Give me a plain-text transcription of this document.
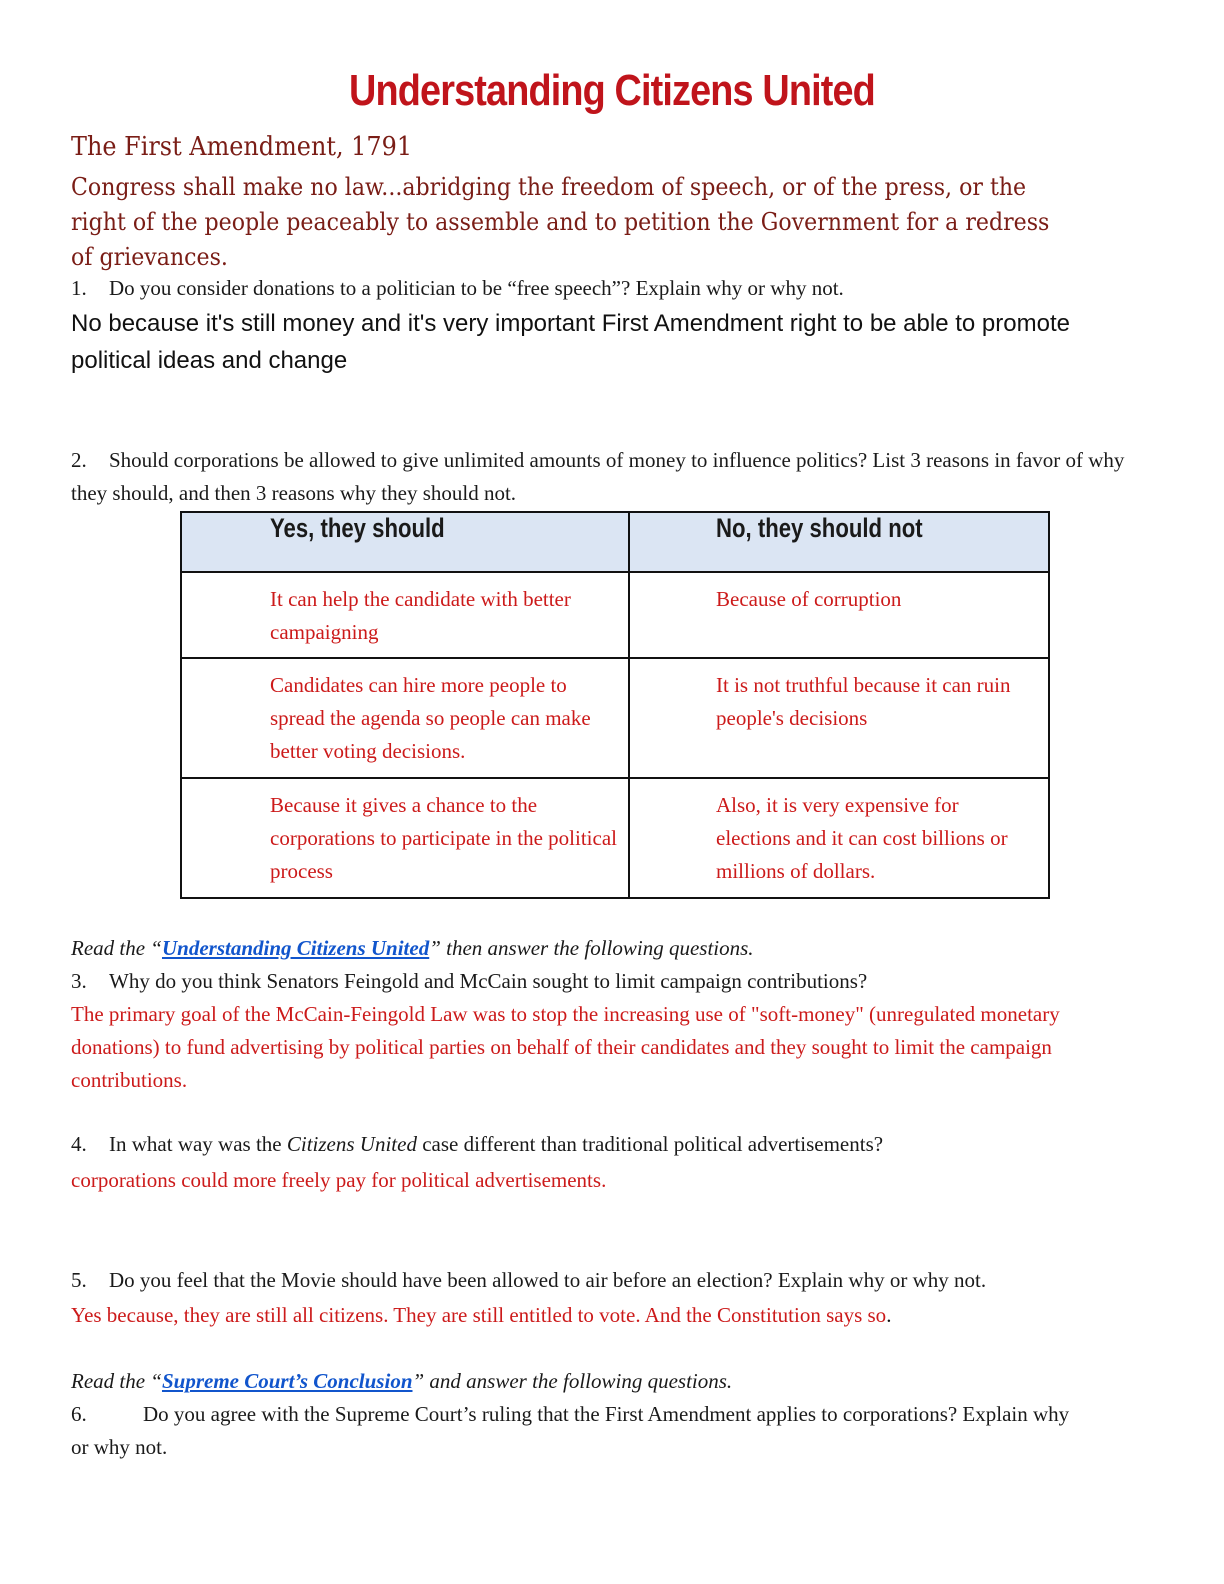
Understanding Citizens United
The First Amendment, 1791
Congress shall make no law...abridging the freedom of speech, or of the press, or the right of the people peaceably to assemble and to petition the Government for a redress of grievances.
1. Do you consider donations to a politician to be “free speech”? Explain why or why not.
No because it's still money and it's very important First Amendment right to be able to promote political ideas and change
2. Should corporations be allowed to give unlimited amounts of money to influence politics? List 3 reasons in favor of why they should, and then 3 reasons why they should not.
Yes, they should	No, they should not
It can help the candidate with better campaigning	Because of corruption
Candidates can hire more people to spread the agenda so people can make better voting decisions.	It is not truthful because it can ruin people's decisions
Because it gives a chance to the corporations to participate in the political process	Also, it is very expensive for elections and it can cost billions or millions of dollars.
Read the “Understanding Citizens United” then answer the following questions.
3. Why do you think Senators Feingold and McCain sought to limit campaign contributions?
The primary goal of the McCain-Feingold Law was to stop the increasing use of "soft-money" (unregulated monetary donations) to fund advertising by political parties on behalf of their candidates and they sought to limit the campaign contributions.
4. In what way was the Citizens United case different than traditional political advertisements?
corporations could more freely pay for political advertisements.
5. Do you feel that the Movie should have been allowed to air before an election? Explain why or why not.
Yes because, they are still all citizens. They are still entitled to vote. And the Constitution says so.
Read the “Supreme Court’s Conclusion” and answer the following questions.
6.	Do you agree with the Supreme Court’s ruling that the First Amendment applies to corporations? Explain why or why not.
